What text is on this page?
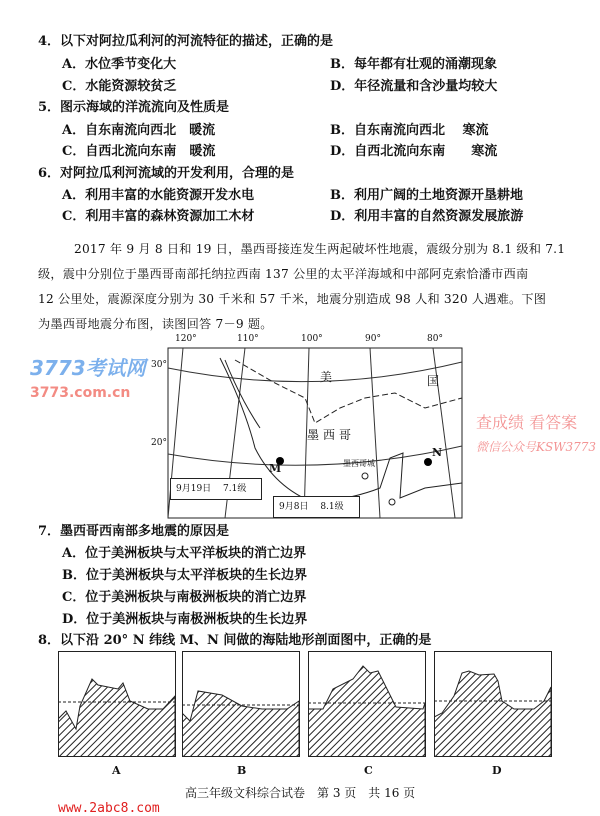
4．以下对阿拉瓜利河的河流特征的描述，正确的是
A．水位季节变化大	B．每年都有壮观的涌潮现象
C．水能资源较贫乏	D．年径流量和含沙量均较大
5．图示海域的洋流流向及性质是
A．自东南流向西北　暖流	B．自东南流向西北　 寒流
C．自西北流向东南　暖流	D．自西北流向东南　　寒流
6．对阿拉瓜利河流域的开发利用，合理的是
A．利用丰富的水能资源开发水电	B．利用广阔的土地资源开垦耕地
C．利用丰富的森林资源加工木材	D．利用丰富的自然资源发展旅游
2017 年 9 月 8 日和 19 日，墨西哥接连发生两起破坏性地震，震级分别为 8.1 级和 7.1
级，震中分别位于墨西哥南部托纳拉西南 137 公里的太平洋海域和中部阿克索恰潘市西南
12 公里处，震源深度分别为 30 千米和 57 千米，地震分别造成 98 人和 320 人遇难。下图
为墨西哥地震分布图，读图回答 7－9 题。
3773考试网
3773.com.cn
查成绩 看答案
微信公众号KSW3773
120°	110°	100°	90°	80°
30°
20°
美	国
墨西哥
墨西哥城
M
N
9月19日　 7.1级
9月8日　 8.1级
7．墨西哥西南部多地震的原因是
A．位于美洲板块与太平洋板块的消亡边界
B．位于美洲板块与太平洋板块的生长边界
C．位于美洲板块与南极洲板块的消亡边界
D．位于美洲板块与南极洲板块的生长边界
8．以下沿 20° N 纬线 M、N 间做的海陆地形剖面图中，正确的是
A	B	C	D
高三年级文科综合试卷　第 3 页　共 16 页
www.2abc8.com
